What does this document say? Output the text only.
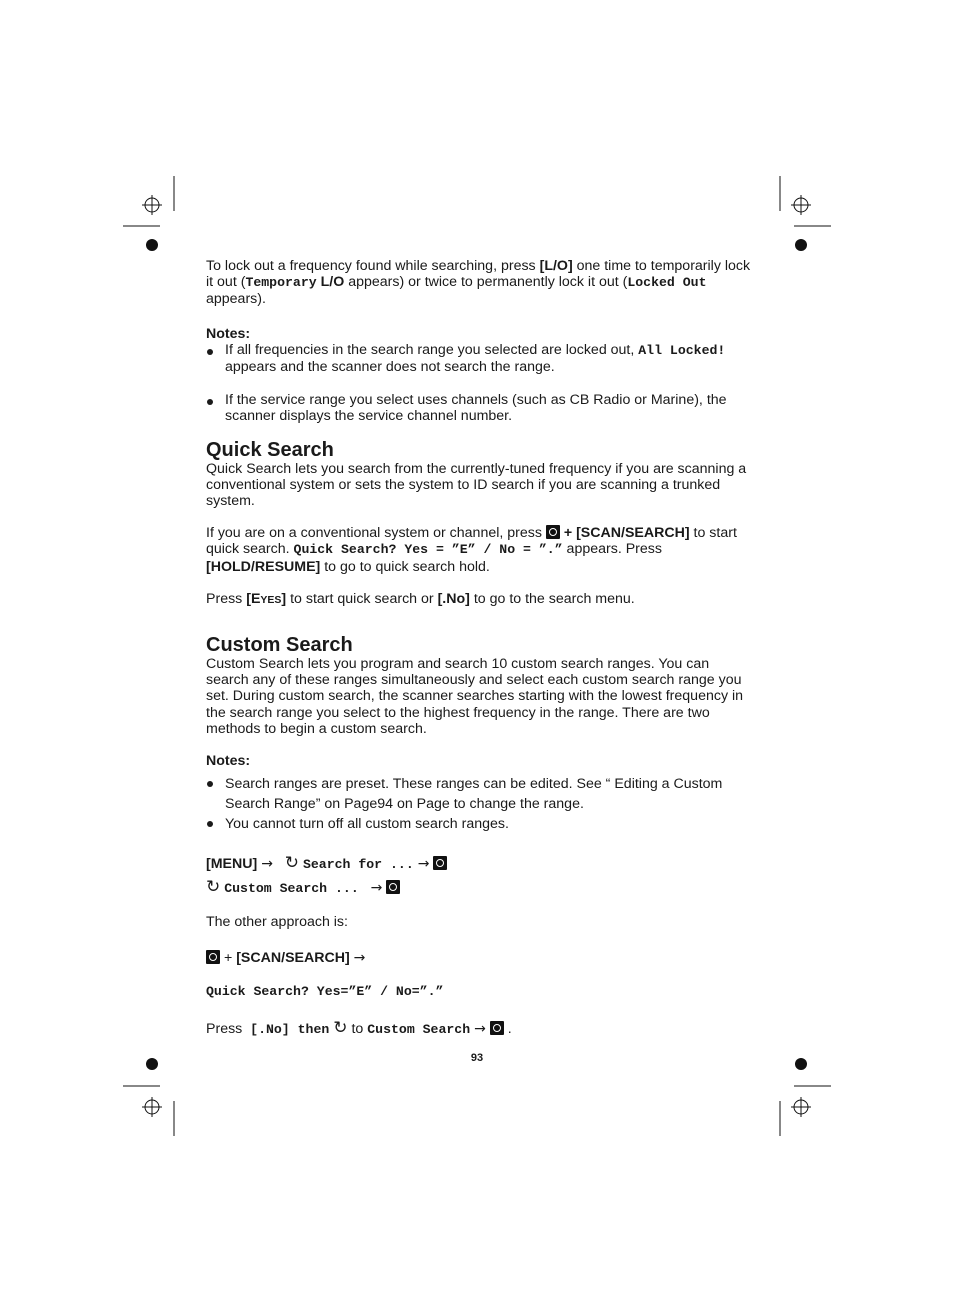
To lock out a frequency found while searching, press [L/O] one time to temporarily lock it out (Temporary L/O appears) or twice to permanently lock it out (Locked Out appears).

Notes:

If all frequencies in the search range you selected are locked out, All Locked! appears and the scanner does not search the range.
If the service range you select uses channels (such as CB Radio or Marine), the scanner displays the service channel number.
Quick Search

Quick Search lets you search from the currently-tuned frequency if you are scanning a conventional system or sets the system to ID search if you are scanning a trunked system.

If you are on a conventional system or channel, press  + [SCAN/SEARCH] to start quick search. Quick Search? Yes = ”E” / No = ”.” appears. Press [HOLD/RESUME] to go to quick search hold.

Press [EYES] to start quick search or [.No] to go to the search menu.

Custom Search

Custom Search lets you program and search 10 custom search ranges. You can search any of these ranges simultaneously and select each custom search range you set. During custom search, the scanner searches starting with the lowest frequency in the search range you select to the highest frequency in the range. There are two methods to begin a custom search.

Notes:

Search ranges are preset. These ranges can be edited. See “ Editing a Custom Search Range” on Page94 on Page to change the range.
You cannot turn off all custom search ranges.

[MENU] → ↻ Search for ... →
↻ Custom Search ... →

The other approach is:

+ [SCAN/SEARCH] →

Quick Search? Yes=”E” / No=”.”

Press [.No] then ↻ to Custom Search → .

93
